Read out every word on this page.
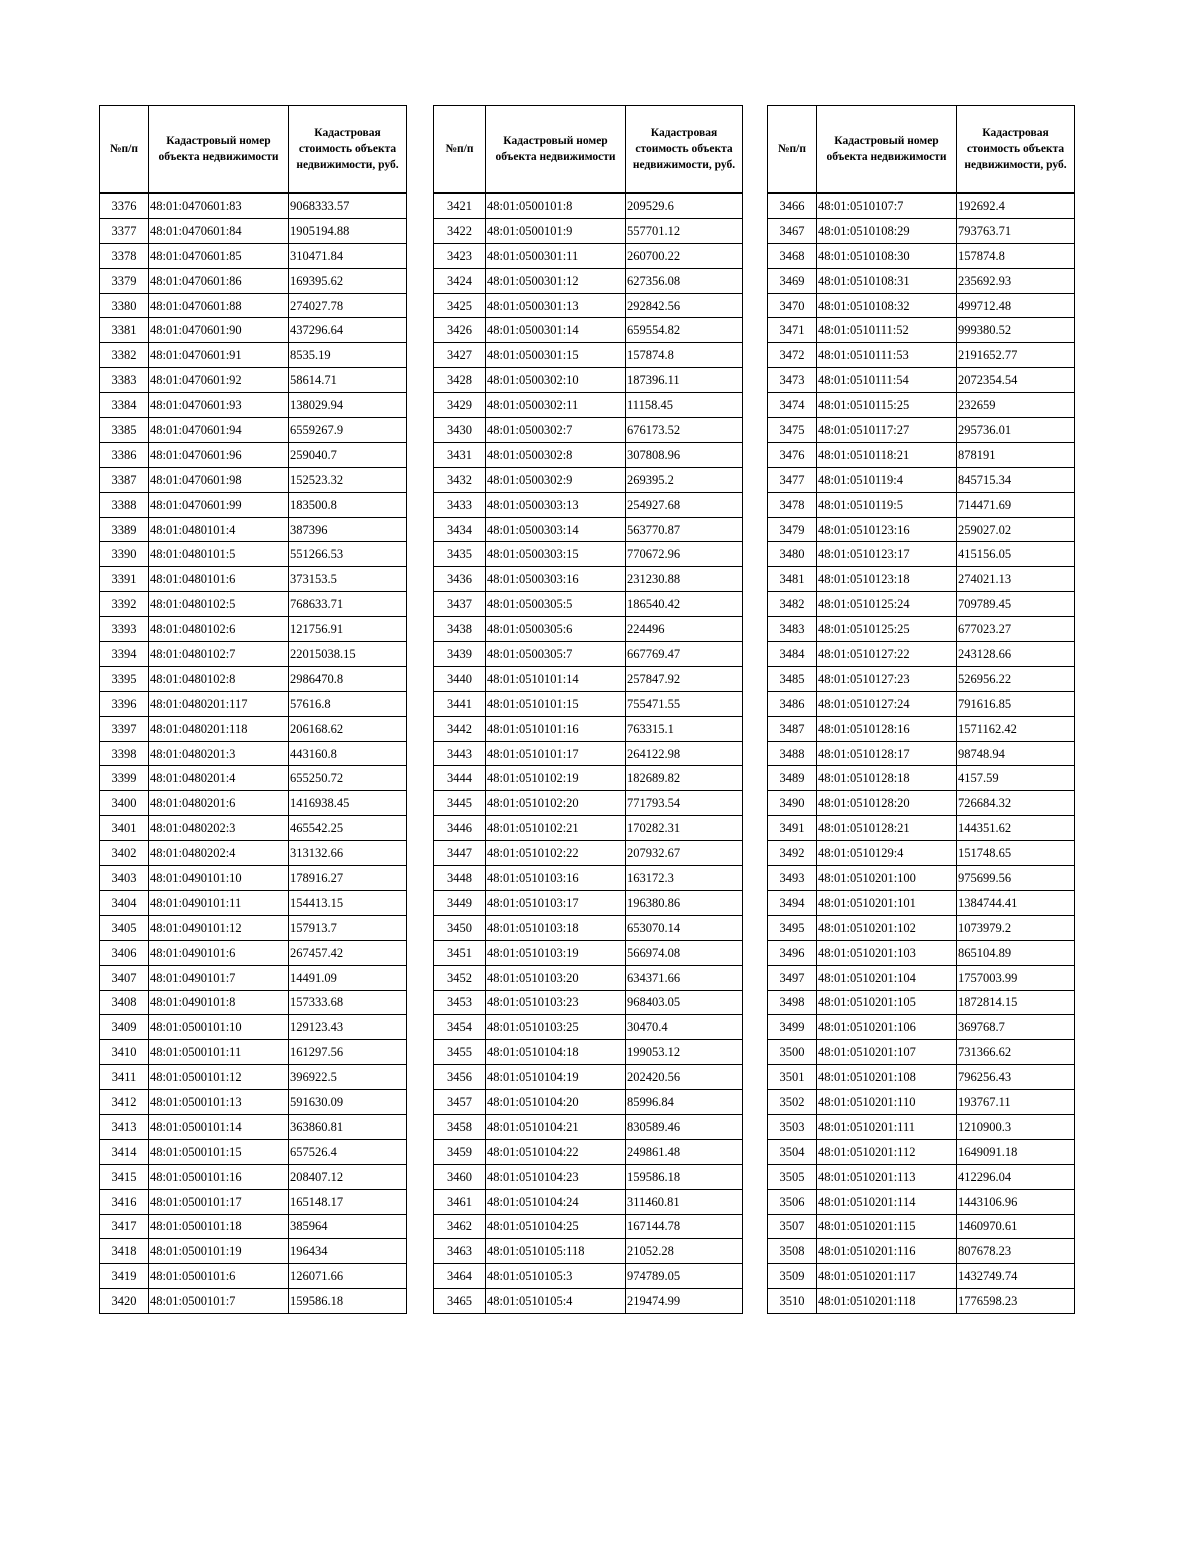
№п/п	Кадастровый номер объекта недвижимости	Кадастровая стоимость объекта недвижимости, руб.
3376	48:01:0470601:83	9068333.57
3377	48:01:0470601:84	1905194.88
3378	48:01:0470601:85	310471.84
3379	48:01:0470601:86	169395.62
3380	48:01:0470601:88	274027.78
3381	48:01:0470601:90	437296.64
3382	48:01:0470601:91	8535.19
3383	48:01:0470601:92	58614.71
3384	48:01:0470601:93	138029.94
3385	48:01:0470601:94	6559267.9
3386	48:01:0470601:96	259040.7
3387	48:01:0470601:98	152523.32
3388	48:01:0470601:99	183500.8
3389	48:01:0480101:4	387396
3390	48:01:0480101:5	551266.53
3391	48:01:0480101:6	373153.5
3392	48:01:0480102:5	768633.71
3393	48:01:0480102:6	121756.91
3394	48:01:0480102:7	22015038.15
3395	48:01:0480102:8	2986470.8
3396	48:01:0480201:117	57616.8
3397	48:01:0480201:118	206168.62
3398	48:01:0480201:3	443160.8
3399	48:01:0480201:4	655250.72
3400	48:01:0480201:6	1416938.45
3401	48:01:0480202:3	465542.25
3402	48:01:0480202:4	313132.66
3403	48:01:0490101:10	178916.27
3404	48:01:0490101:11	154413.15
3405	48:01:0490101:12	157913.7
3406	48:01:0490101:6	267457.42
3407	48:01:0490101:7	14491.09
3408	48:01:0490101:8	157333.68
3409	48:01:0500101:10	129123.43
3410	48:01:0500101:11	161297.56
3411	48:01:0500101:12	396922.5
3412	48:01:0500101:13	591630.09
3413	48:01:0500101:14	363860.81
3414	48:01:0500101:15	657526.4
3415	48:01:0500101:16	208407.12
3416	48:01:0500101:17	165148.17
3417	48:01:0500101:18	385964
3418	48:01:0500101:19	196434
3419	48:01:0500101:6	126071.66
3420	48:01:0500101:7	159586.18
№п/п	Кадастровый номер объекта недвижимости	Кадастровая стоимость объекта недвижимости, руб.
3421	48:01:0500101:8	209529.6
3422	48:01:0500101:9	557701.12
3423	48:01:0500301:11	260700.22
3424	48:01:0500301:12	627356.08
3425	48:01:0500301:13	292842.56
3426	48:01:0500301:14	659554.82
3427	48:01:0500301:15	157874.8
3428	48:01:0500302:10	187396.11
3429	48:01:0500302:11	11158.45
3430	48:01:0500302:7	676173.52
3431	48:01:0500302:8	307808.96
3432	48:01:0500302:9	269395.2
3433	48:01:0500303:13	254927.68
3434	48:01:0500303:14	563770.87
3435	48:01:0500303:15	770672.96
3436	48:01:0500303:16	231230.88
3437	48:01:0500305:5	186540.42
3438	48:01:0500305:6	224496
3439	48:01:0500305:7	667769.47
3440	48:01:0510101:14	257847.92
3441	48:01:0510101:15	755471.55
3442	48:01:0510101:16	763315.1
3443	48:01:0510101:17	264122.98
3444	48:01:0510102:19	182689.82
3445	48:01:0510102:20	771793.54
3446	48:01:0510102:21	170282.31
3447	48:01:0510102:22	207932.67
3448	48:01:0510103:16	163172.3
3449	48:01:0510103:17	196380.86
3450	48:01:0510103:18	653070.14
3451	48:01:0510103:19	566974.08
3452	48:01:0510103:20	634371.66
3453	48:01:0510103:23	968403.05
3454	48:01:0510103:25	30470.4
3455	48:01:0510104:18	199053.12
3456	48:01:0510104:19	202420.56
3457	48:01:0510104:20	85996.84
3458	48:01:0510104:21	830589.46
3459	48:01:0510104:22	249861.48
3460	48:01:0510104:23	159586.18
3461	48:01:0510104:24	311460.81
3462	48:01:0510104:25	167144.78
3463	48:01:0510105:118	21052.28
3464	48:01:0510105:3	974789.05
3465	48:01:0510105:4	219474.99
№п/п	Кадастровый номер объекта недвижимости	Кадастровая стоимость объекта недвижимости, руб.
3466	48:01:0510107:7	192692.4
3467	48:01:0510108:29	793763.71
3468	48:01:0510108:30	157874.8
3469	48:01:0510108:31	235692.93
3470	48:01:0510108:32	499712.48
3471	48:01:0510111:52	999380.52
3472	48:01:0510111:53	2191652.77
3473	48:01:0510111:54	2072354.54
3474	48:01:0510115:25	232659
3475	48:01:0510117:27	295736.01
3476	48:01:0510118:21	878191
3477	48:01:0510119:4	845715.34
3478	48:01:0510119:5	714471.69
3479	48:01:0510123:16	259027.02
3480	48:01:0510123:17	415156.05
3481	48:01:0510123:18	274021.13
3482	48:01:0510125:24	709789.45
3483	48:01:0510125:25	677023.27
3484	48:01:0510127:22	243128.66
3485	48:01:0510127:23	526956.22
3486	48:01:0510127:24	791616.85
3487	48:01:0510128:16	1571162.42
3488	48:01:0510128:17	98748.94
3489	48:01:0510128:18	4157.59
3490	48:01:0510128:20	726684.32
3491	48:01:0510128:21	144351.62
3492	48:01:0510129:4	151748.65
3493	48:01:0510201:100	975699.56
3494	48:01:0510201:101	1384744.41
3495	48:01:0510201:102	1073979.2
3496	48:01:0510201:103	865104.89
3497	48:01:0510201:104	1757003.99
3498	48:01:0510201:105	1872814.15
3499	48:01:0510201:106	369768.7
3500	48:01:0510201:107	731366.62
3501	48:01:0510201:108	796256.43
3502	48:01:0510201:110	193767.11
3503	48:01:0510201:111	1210900.3
3504	48:01:0510201:112	1649091.18
3505	48:01:0510201:113	412296.04
3506	48:01:0510201:114	1443106.96
3507	48:01:0510201:115	1460970.61
3508	48:01:0510201:116	807678.23
3509	48:01:0510201:117	1432749.74
3510	48:01:0510201:118	1776598.23
